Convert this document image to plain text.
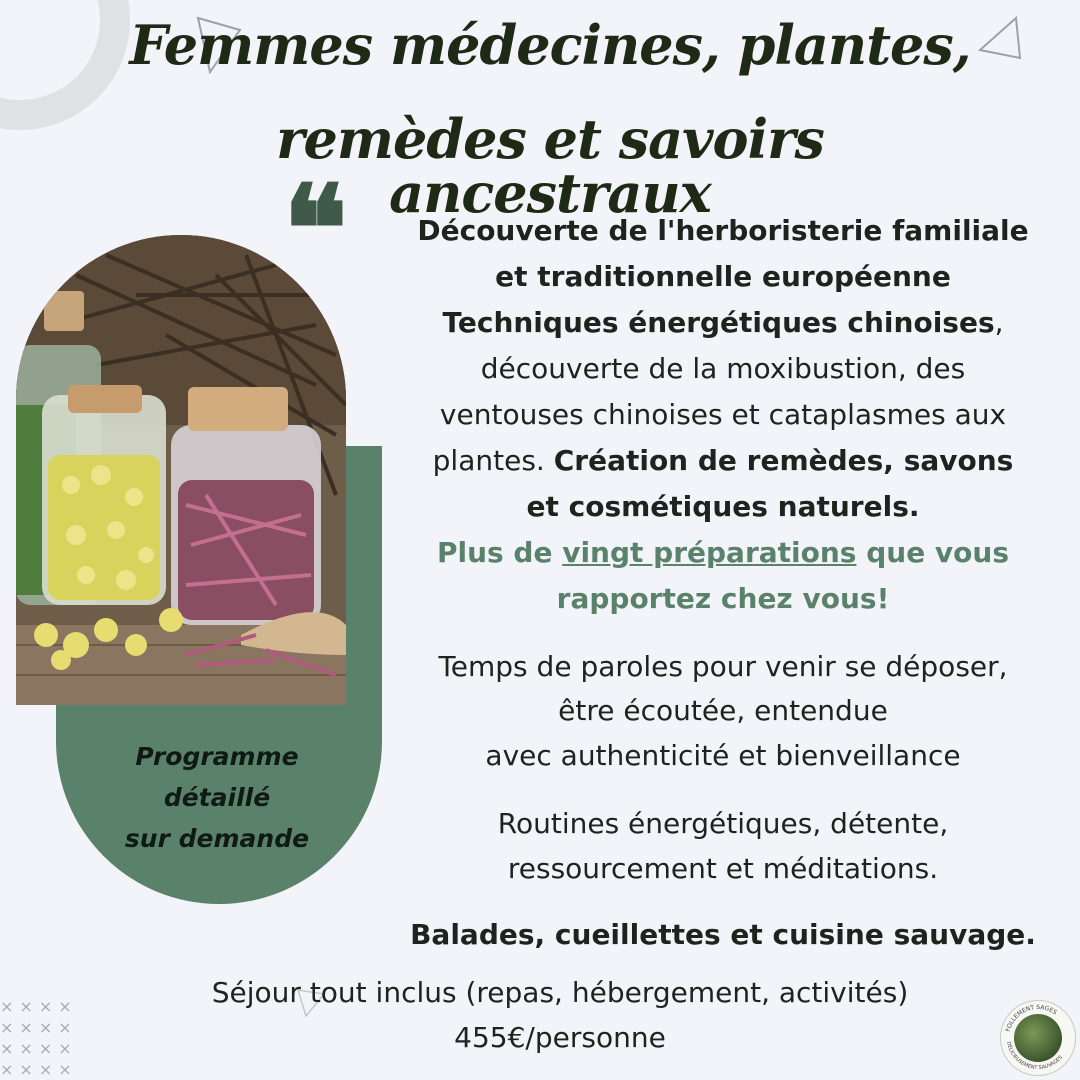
××××
××××
××××
××××
Femmes médecines, plantes,
remèdes et savoirs ancestraux
❝
Programme
détaillé
sur demande
Découverte de l'herboristerie familiale
et traditionnelle européenne
Techniques énergétiques chinoises,
découverte de la moxibustion, des
ventouses chinoises et cataplasmes aux
plantes. Création de remèdes, savons
et cosmétiques naturels.
Plus de vingt préparations que vous
rapportez chez vous!
Temps de paroles pour venir se déposer,
être écoutée, entendue
avec authenticité et bienveillance
Routines énergétiques, détente,
ressourcement et méditations.
Balades, cueillettes et cuisine sauvage.
Séjour tout inclus (repas, hébergement, activités)
455€/personne	FOLLEMENT SAGES
DÉLICIEUSEMENT SAUVAGES
